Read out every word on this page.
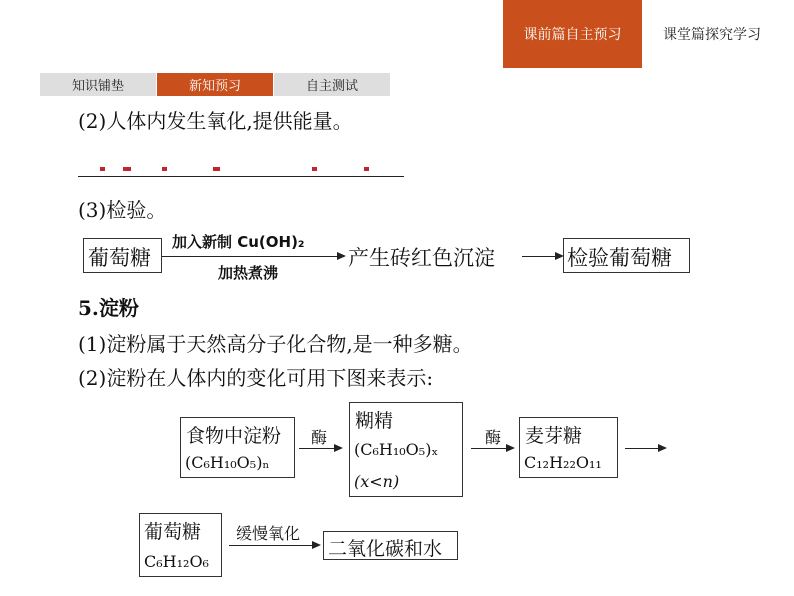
课前篇自主预习	课堂篇探究学习
知识铺垫	新知预习	自主测试
(2)人体内发生氧化,提供能量。
(3)检验。
葡萄糖
加入新制 Cu(OH)₂
加热煮沸
产生砖红色沉淀	检验葡萄糖
5.淀粉
(1)淀粉属于天然高分子化合物,是一种多糖。
(2)淀粉在人体内的变化可用下图来表示:
食物中淀粉
(C₆H₁₀O₅)ₙ
酶
糊精
(C₆H₁₀O₅)ₓ
(x<n)
酶 麦芽糖
C₁₂H₂₂O₁₁
葡萄糖
C₆H₁₂O₆
缓慢氧化
二氧化碳和水
